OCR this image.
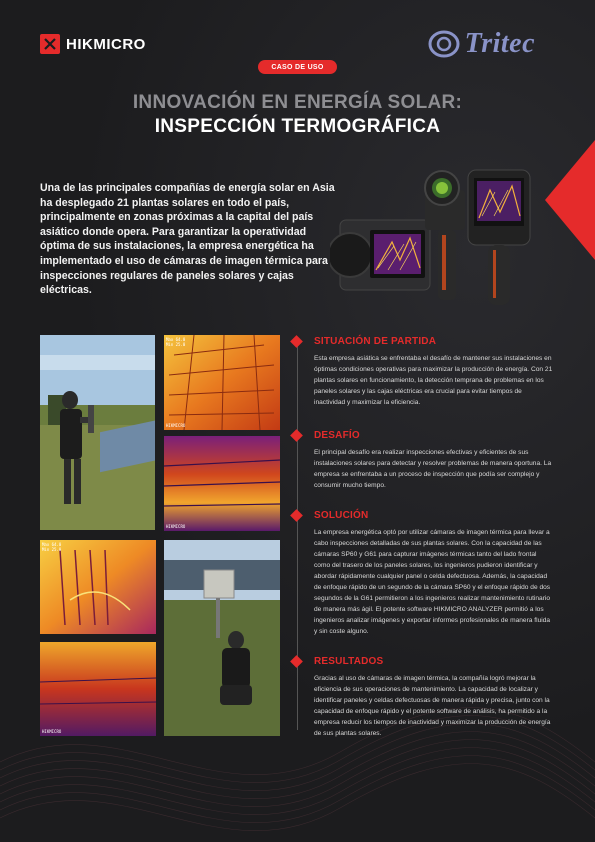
HIKMICRO	Tritec
CASO DE USO
INNOVACIÓN EN ENERGÍA SOLAR:
INSPECCIÓN TERMOGRÁFICA

Una de las principales compañías de energía solar en Asia ha desplegado 21 plantas solares en todo el país, principalmente en zonas próximas a la capital del país asiático donde opera. Para garantizar la operatividad óptima de sus instalaciones, la empresa energética ha implementado el uso de cámaras de imagen térmica para inspecciones regulares de paneles solares y cajas eléctricas.

Max 64.0
Min 25.0
HIKMICRO
HIKMICRO
Max 64.0
Min 25.0
HIKMICRO
SITUACIÓN DE PARTIDA

Esta empresa asiática se enfrentaba el desafío de mantener sus instalaciones en óptimas condiciones operativas para maximizar la producción de energía. Con 21 plantas solares en funcionamiento, la detección temprana de problemas en los paneles solares y las cajas eléctricas era crucial para evitar tiempos de inactividad y maximizar la eficiencia.

DESAFÍO

El principal desafío era realizar inspecciones efectivas y eficientes de sus instalaciones solares para detectar y resolver problemas de manera oportuna. La empresa se enfrentaba a un proceso de inspección que podía ser complejo y consumir mucho tiempo.

SOLUCIÓN

La empresa energética optó por utilizar cámaras de imagen térmica para llevar a cabo inspecciones detalladas de sus plantas solares. Con la capacidad de las cámaras SP60 y G61 para capturar imágenes térmicas tanto del lado frontal como del trasero de los paneles solares, los ingenieros pudieron identificar y abordar rápidamente cualquier panel o celda defectuosa. Además, la capacidad de enfoque rápido de un segundo de la cámara SP60 y el enfoque rápido de dos segundos de la G61 permitieron a los ingenieros realizar mantenimiento rutinario de manera más ágil. El potente software HIKMICRO ANALYZER permitió a los ingenieros analizar imágenes y exportar informes profesionales de manera fluida y sin coste alguno.

RESULTADOS

Gracias al uso de cámaras de imagen térmica, la compañía logró mejorar la eficiencia de sus operaciones de mantenimiento. La capacidad de localizar y identificar paneles y celdas defectuosas de manera rápida y precisa, junto con la capacidad de enfoque rápido y el potente software de análisis, ha permitido a la empresa reducir los tiempos de inactividad y maximizar la producción de energía de sus plantas solares.
